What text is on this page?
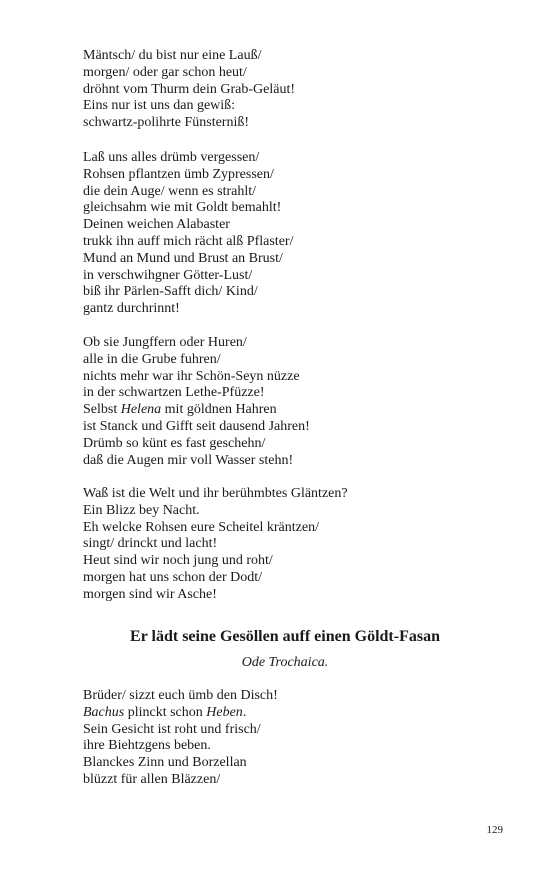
Mäntsch/ du bist nur eine Lauß/
morgen/ oder gar schon heut/
dröhnt vom Thurm dein Grab-Geläut!
Eins nur ist uns dan gewiß:
schwartz-polihrte Fünsterniß!
Laß uns alles drümb vergessen/
Rohsen pflantzen ümb Zypressen/
die dein Auge/ wenn es strahlt/
gleichsahm wie mit Goldt bemahlt!
Deinen weichen Alabaster
trukk ihn auff mich rächt alß Pflaster/
Mund an Mund und Brust an Brust/
in verschwihgner Götter-Lust/
biß ihr Pärlen-Safft dich/ Kind/
gantz durchrinnt!
Ob sie Jungffern oder Huren/
alle in die Grube fuhren/
nichts mehr war ihr Schön-Seyn nüzze
in der schwartzen Lethe-Pfüzze!
Selbst Helena mit göldnen Hahren
ist Stanck und Gifft seit dausend Jahren!
Drümb so künt es fast geschehn/
daß die Augen mir voll Wasser stehn!
Waß ist die Welt und ihr berühmbtes Gläntzen?
Ein Blizz bey Nacht.
Eh welcke Rohsen eure Scheitel kräntzen/
singt/ drinckt und lacht!
Heut sind wir noch jung und roht/
morgen hat uns schon der Dodt/
morgen sind wir Asche!
Er lädt seine Gesöllen auff einen Göldt-Fasan
Ode Trochaica.
Brüder/ sizzt euch ümb den Disch!
Bachus plinckt schon Heben.
Sein Gesicht ist roht und frisch/
ihre Biehtzgens beben.
Blanckes Zinn und Borzellan
blüzzt für allen Bläzzen/
129
